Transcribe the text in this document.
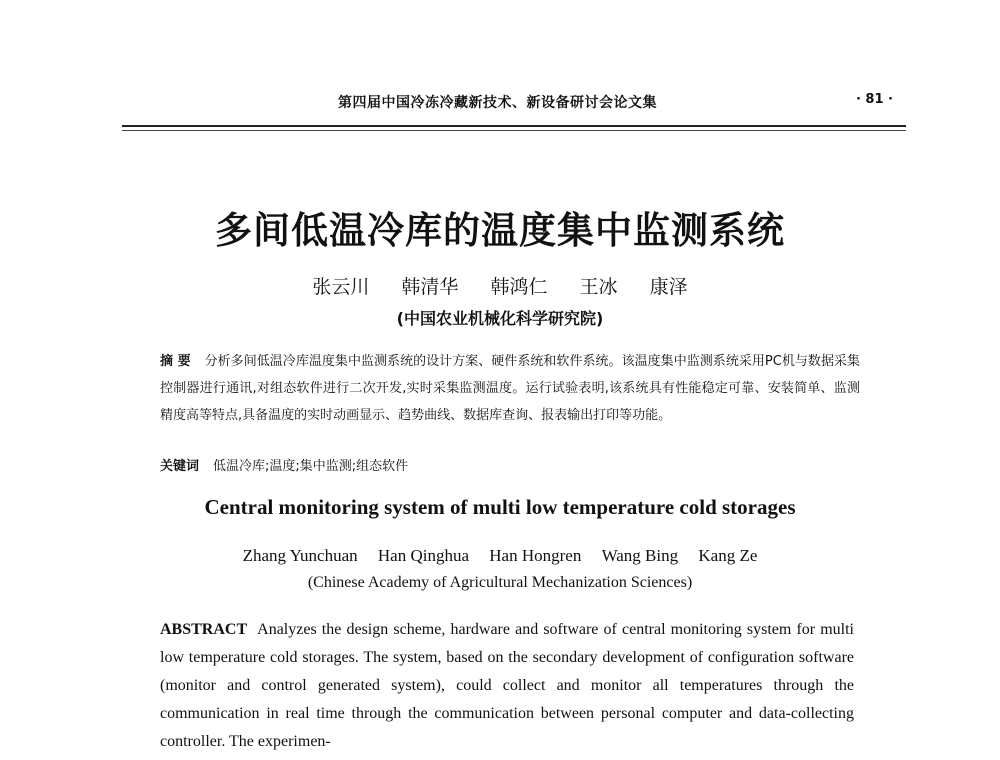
第四届中国冷冻冷藏新技术、新设备研讨会论文集	· 81 ·
多间低温冷库的温度集中监测系统
张云川 韩清华 韩鸿仁 王冰 康泽
(中国农业机械化科学研究院)
摘 要 分析多间低温冷库温度集中监测系统的设计方案、硬件系统和软件系统。该温度集中监测系统采用PC机与数据采集控制器进行通讯,对组态软件进行二次开发,实时采集监测温度。运行试验表明,该系统具有性能稳定可靠、安装简单、监测精度高等特点,具备温度的实时动画显示、趋势曲线、数据库查询、报表输出打印等功能。
关键词 低温冷库;温度;集中监测;组态软件
Central monitoring system of multi low temperature cold storages
Zhang Yunchuan Han Qinghua Han Hongren Wang Bing Kang Ze
(Chinese Academy of Agricultural Mechanization Sciences)
ABSTRACT Analyzes the design scheme, hardware and software of central monitoring system for multi low temperature cold storages. The system, based on the secondary development of configuration software (monitor and control generated system), could collect and monitor all temperatures through the communication in real time through the communication between personal computer and data-collecting controller. The experimen-
